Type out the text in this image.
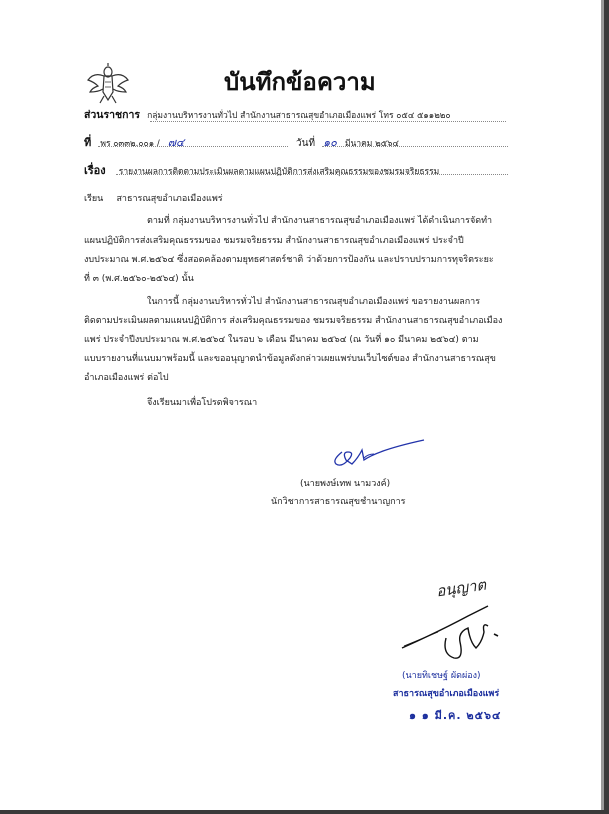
บันทึกข้อความ
ส่วนราชการ กลุ่มงานบริหารงานทั่วไป สำนักงานสาธารณสุขอำเภอเมืองแพร่ โทร ๐๕๔ ๕๑๑๒๒๐
ที่ พร ๐๓๓๒.๐๐๑ / ๗๔	วันที่ ๑๐ มีนาคม ๒๕๖๔
เรื่อง รายงานผลการติดตามประเมินผลตามแผนปฏิบัติการส่งเสริมคุณธรรมของชมรมจริยธรรม
เรียน สาธารณสุขอำเภอเมืองแพร่
ตามที่ กลุ่มงานบริหารงานทั่วไป สำนักงานสาธารณสุขอำเภอเมืองแพร่ ได้ดำเนินการจัดทำ
แผนปฏิบัติการส่งเสริมคุณธรรมของ ชมรมจริยธรรม สำนักงานสาธารณสุขอำเภอเมืองแพร่ ประจำปี
งบประมาณ พ.ศ.๒๕๖๔ ซึ่งสอดคล้องตามยุทธศาสตร์ชาติ ว่าด้วยการป้องกัน และปราบปรามการทุจริตระยะ
ที่ ๓ (พ.ศ.๒๕๖๐-๒๕๖๔) นั้น
ในการนี้ กลุ่มงานบริหารทั่วไป สำนักงานสาธารณสุขอำเภอเมืองแพร่ ขอรายงานผลการ
ติดตามประเมินผลตามแผนปฏิบัติการ ส่งเสริมคุณธรรมของ ชมรมจริยธรรม สำนักงานสาธารณสุขอำเภอเมือง
แพร่ ประจำปีงบประมาณ พ.ศ.๒๕๖๔ ในรอบ ๖ เดือน มีนาคม ๒๕๖๔ (ณ วันที่ ๑๐ มีนาคม ๒๕๖๔) ตาม
แบบรายงานที่แนบมาพร้อมนี้ และขออนุญาตนำข้อมูลดังกล่าวเผยแพร่บนเว็บไซต์ของ สำนักงานสาธารณสุข
อำเภอเมืองแพร่ ต่อไป
จึงเรียนมาเพื่อโปรดพิจารณา
(นายพงษ์เทพ นามวงค์)
นักวิชาการสาธารณสุขชำนาญการ
อนุญาต
(นายทิเชษฐ์ ผัดผ่อง)
สาธารณสุขอำเภอเมืองแพร่
๑ ๑ มี.ค. ๒๕๖๔
